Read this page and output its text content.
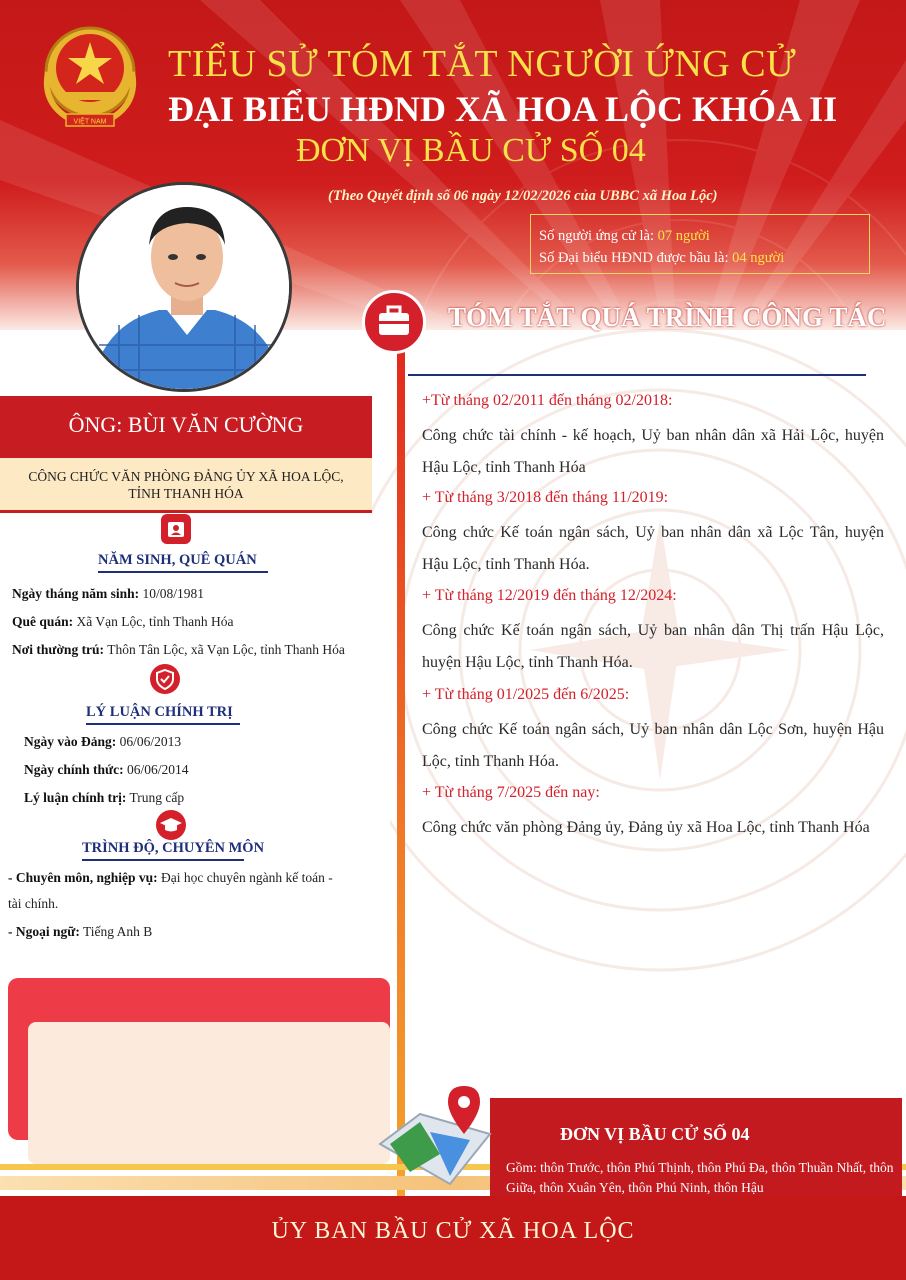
VIỆT NAM
TIỂU SỬ TÓM TẮT NGƯỜI ỨNG CỬ
ĐẠI BIỂU HĐND XÃ HOA LỘC KHÓA II
ĐƠN VỊ BẦU CỬ SỐ 04
(Theo Quyết định số 06 ngày 12/02/2026 của UBBC xã Hoa Lộc)
Số người ứng cử là: 07 người
Số Đại biểu HĐND được bầu là: 04 người
ÔNG: BÙI VĂN CƯỜNG
CÔNG CHỨC VĂN PHÒNG ĐẢNG ỦY XÃ HOA LỘC,
TỈNH THANH HÓA
NĂM SINH, QUÊ QUÁN
Ngày tháng năm sinh: 10/08/1981
Quê quán: Xã Vạn Lộc, tỉnh Thanh Hóa
Nơi thường trú: Thôn Tân Lộc, xã Vạn Lộc, tỉnh Thanh Hóa
LÝ LUẬN CHÍNH TRỊ
Ngày vào Đảng: 06/06/2013
Ngày chính thức: 06/06/2014
Lý luận chính trị: Trung cấp
TRÌNH ĐỘ, CHUYÊN MÔN
- Chuyên môn, nghiệp vụ: Đại học chuyên ngành kế toán -
tài chính.
- Ngoại ngữ: Tiếng Anh B
TÓM TẮT QUÁ TRÌNH CÔNG TÁC
+Từ tháng 02/2011 đến tháng 02/2018:
Công chức tài chính - kế hoạch, Uỷ ban nhân dân xã Hải Lộc, huyện Hậu Lộc, tỉnh Thanh Hóa
+ Từ tháng 3/2018 đến tháng 11/2019:
Công chức Kế toán ngân sách, Uỷ ban nhân dân xã Lộc Tân, huyện Hậu Lộc, tỉnh Thanh Hóa.
+ Từ tháng 12/2019 đến tháng 12/2024:
Công chức Kế toán ngân sách, Uỷ ban nhân dân Thị trấn Hậu Lộc, huyện Hậu Lộc, tỉnh Thanh Hóa.
+ Từ tháng 01/2025 đến 6/2025:
Công chức Kế toán ngân sách, Uỷ ban nhân dân Lộc Sơn, huyện Hậu Lộc, tỉnh Thanh Hóa.
+ Từ tháng 7/2025 đến nay:
Công chức văn phòng Đảng ủy, Đảng ủy xã Hoa Lộc, tỉnh Thanh Hóa
ĐƠN VỊ BẦU CỬ SỐ 04
Gồm: thôn Trước, thôn Phú Thịnh, thôn Phú Đa, thôn Thuần Nhất, thôn Giữa, thôn Xuân Yên, thôn Phú Ninh, thôn Hậu
ỦY BAN BẦU CỬ XÃ HOA LỘC
